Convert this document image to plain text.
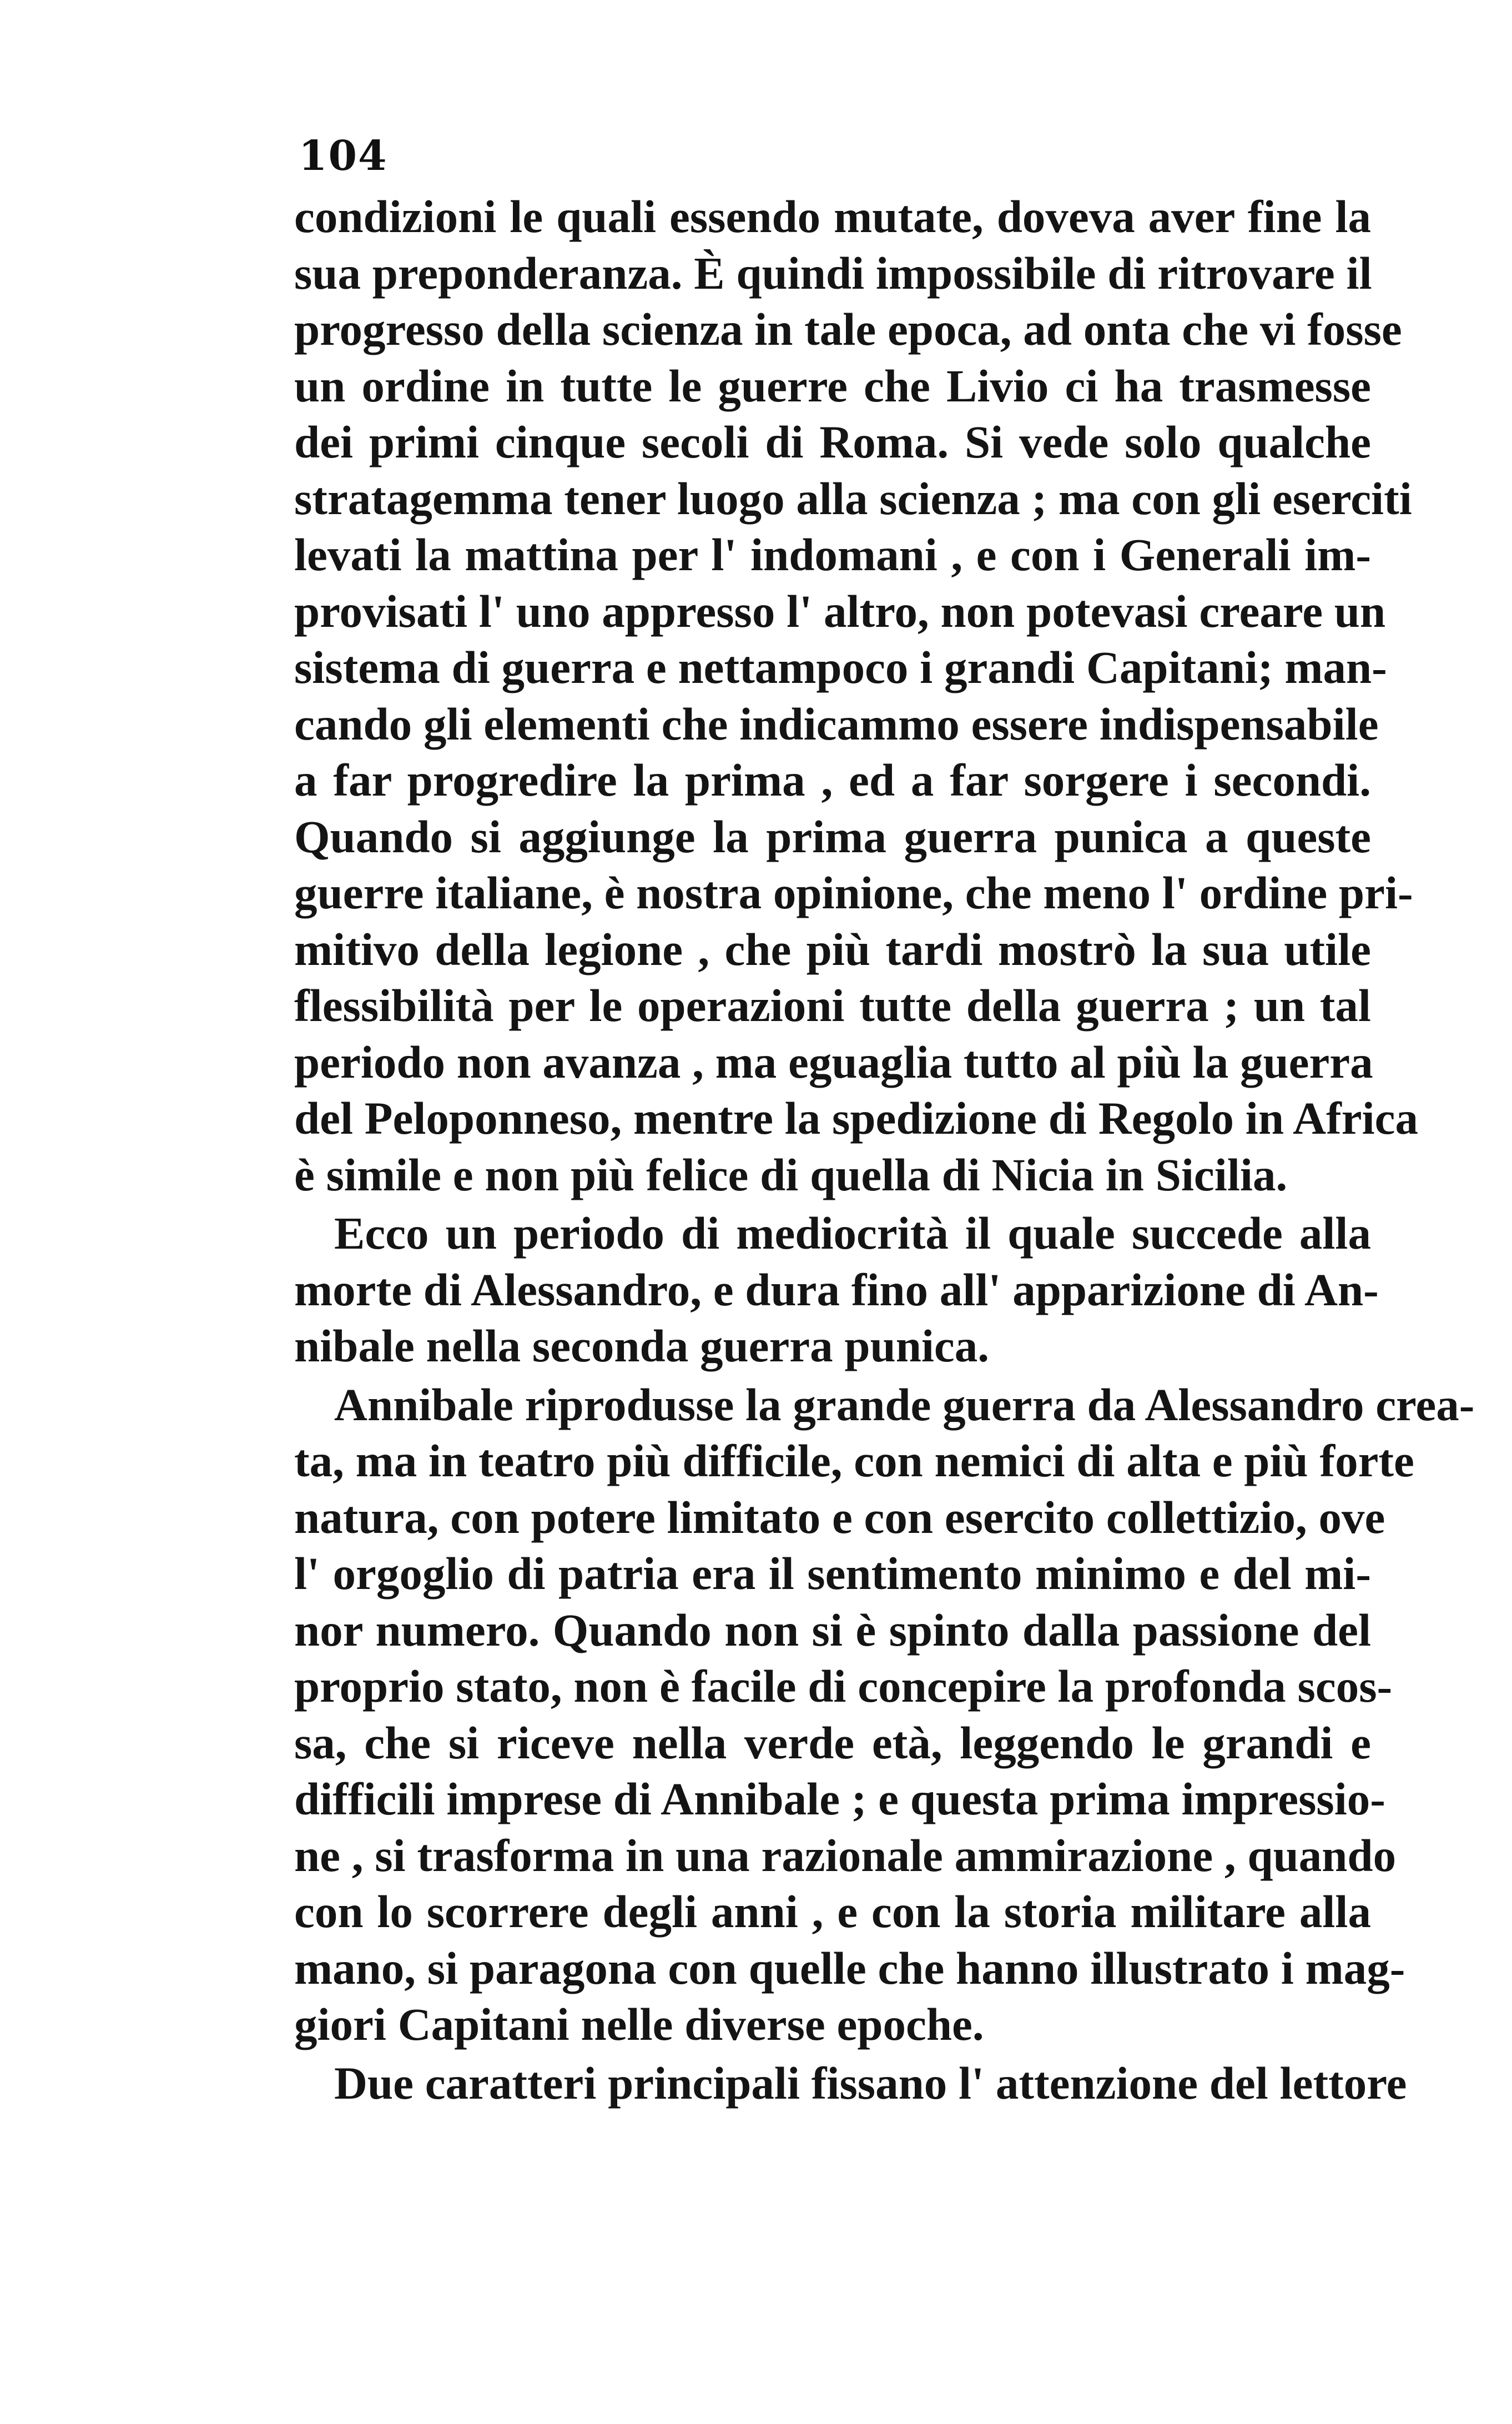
104
condizioni le quali essendo mutate, doveva aver fine la
sua preponderanza. È quindi impossibile di ritrovare il
progresso della scienza in tale epoca, ad onta che vi fosse
un ordine in tutte le guerre che Livio ci ha trasmesse
dei primi cinque secoli di Roma. Si vede solo qualche
stratagemma tener luogo alla scienza ; ma con gli eserciti
levati la mattina per l' indomani , e con i Generali im-
provisati l' uno appresso l' altro, non potevasi creare un
sistema di guerra e nettampoco i grandi Capitani; man-
cando gli elementi che indicammo essere indispensabile
a far progredire la prima , ed a far sorgere i secondi.
Quando si aggiunge la prima guerra punica a queste
guerre italiane, è nostra opinione, che meno l' ordine pri-
mitivo della legione , che più tardi mostrò la sua utile
flessibilità per le operazioni tutte della guerra ; un tal
periodo non avanza , ma eguaglia tutto al più la guerra
del Peloponneso, mentre la spedizione di Regolo in Africa
è simile e non più felice di quella di Nicia in Sicilia.
Ecco un periodo di mediocrità il quale succede alla
morte di Alessandro, e dura fino all' apparizione di An-
nibale nella seconda guerra punica.
Annibale riprodusse la grande guerra da Alessandro crea-
ta, ma in teatro più difficile, con nemici di alta e più forte
natura, con potere limitato e con esercito collettizio, ove
l' orgoglio di patria era il sentimento minimo e del mi-
nor numero. Quando non si è spinto dalla passione del
proprio stato, non è facile di concepire la profonda scos-
sa, che si riceve nella verde età, leggendo le grandi e
difficili imprese di Annibale ; e questa prima impressio-
ne , si trasforma in una razionale ammirazione , quando
con lo scorrere degli anni , e con la storia militare alla
mano, si paragona con quelle che hanno illustrato i mag-
giori Capitani nelle diverse epoche.
Due caratteri principali fissano l' attenzione del lettore
